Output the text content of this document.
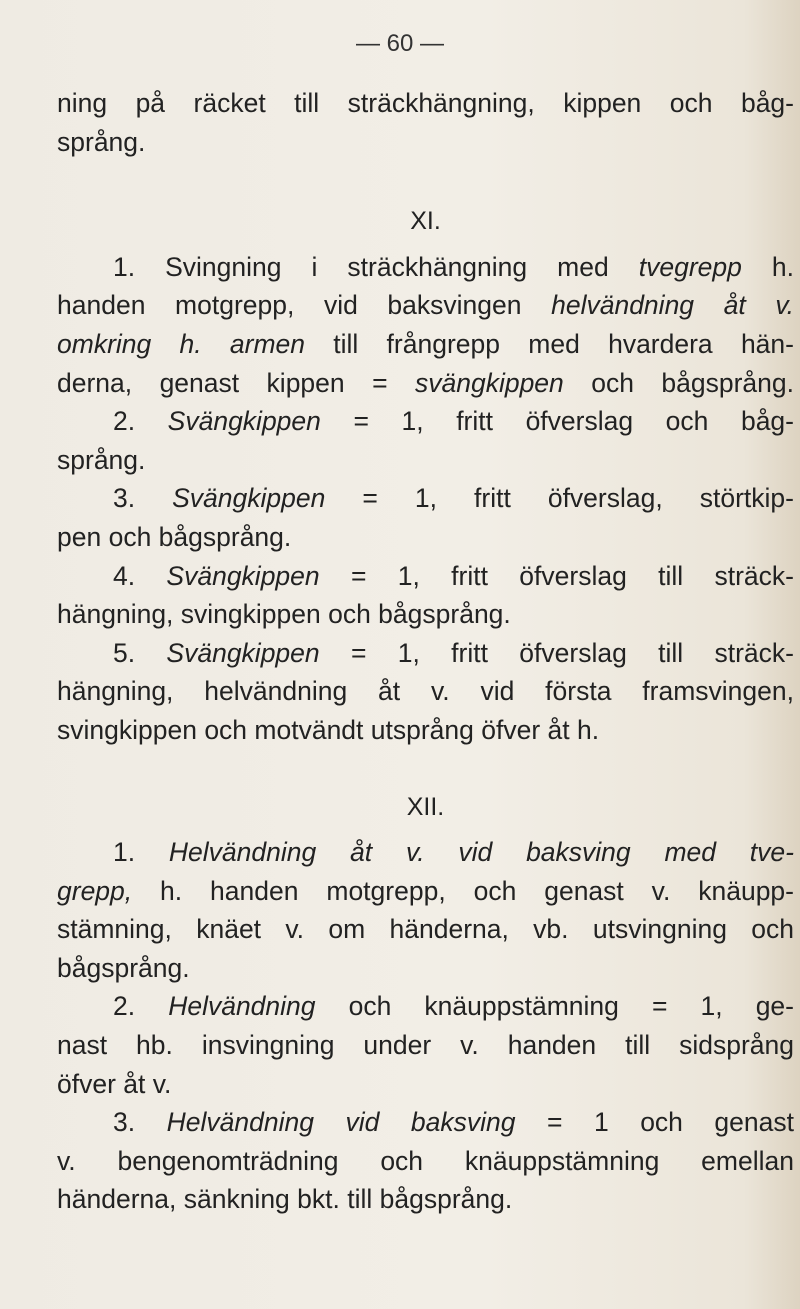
— 60 —
ning på räcket till sträckhängning, kippen och båg-
språng.
XI.
1. Svingning i sträckhängning med tvegrepp h.
handen motgrepp, vid baksvingen helvändning åt v.
omkring h. armen till frångrepp med hvardera hän-
derna, genast kippen = svängkippen och bågsprång.
2. Svängkippen = 1, fritt öfverslag och båg-
språng.
3. Svängkippen = 1, fritt öfverslag, störtkip-
pen och bågsprång.
4. Svängkippen = 1, fritt öfverslag till sträck-
hängning, svingkippen och bågsprång.
5. Svängkippen = 1, fritt öfverslag till sträck-
hängning, helvändning åt v. vid första framsvingen,
svingkippen och motvändt utsprång öfver åt h.
XII.
1. Helvändning åt v. vid baksving med tve-
grepp, h. handen motgrepp, och genast v. knäupp-
stämning, knäet v. om händerna, vb. utsvingning och
bågsprång.
2. Helvändning och knäuppstämning = 1, ge-
nast hb. insvingning under v. handen till sidsprång
öfver åt v.
3. Helvändning vid baksving = 1 och genast
v. bengenomträdning och knäuppstämning emellan
händerna, sänkning bkt. till bågsprång.
